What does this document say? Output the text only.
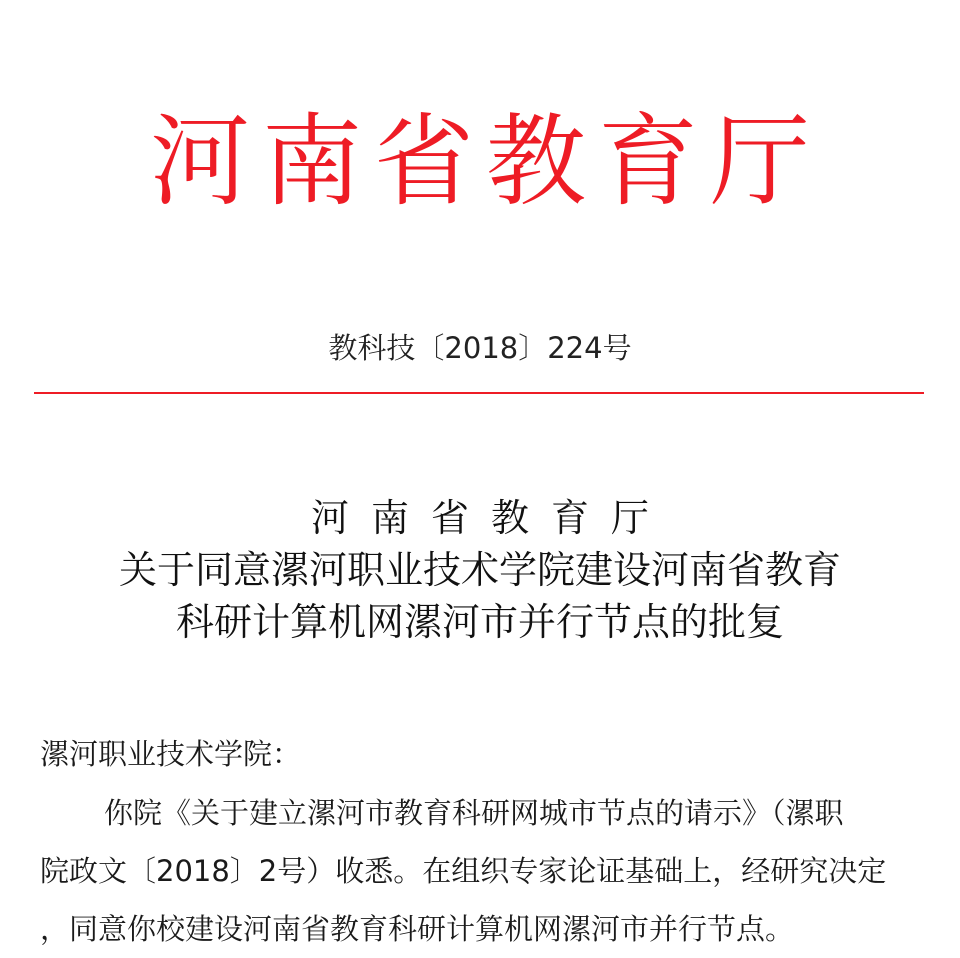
河南省教育厅
教科技〔2018〕224号
河南省教育厅
关于同意漯河职业技术学院建设河南省教育
科研计算机网漯河市并行节点的批复
漯河职业技术学院：
你院《关于建立漯河市教育科研网城市节点的请示》（漯职
院政文〔2018〕2号）收悉。在组织专家论证基础上，经研究决定
，同意你校建设河南省教育科研计算机网漯河市并行节点。
